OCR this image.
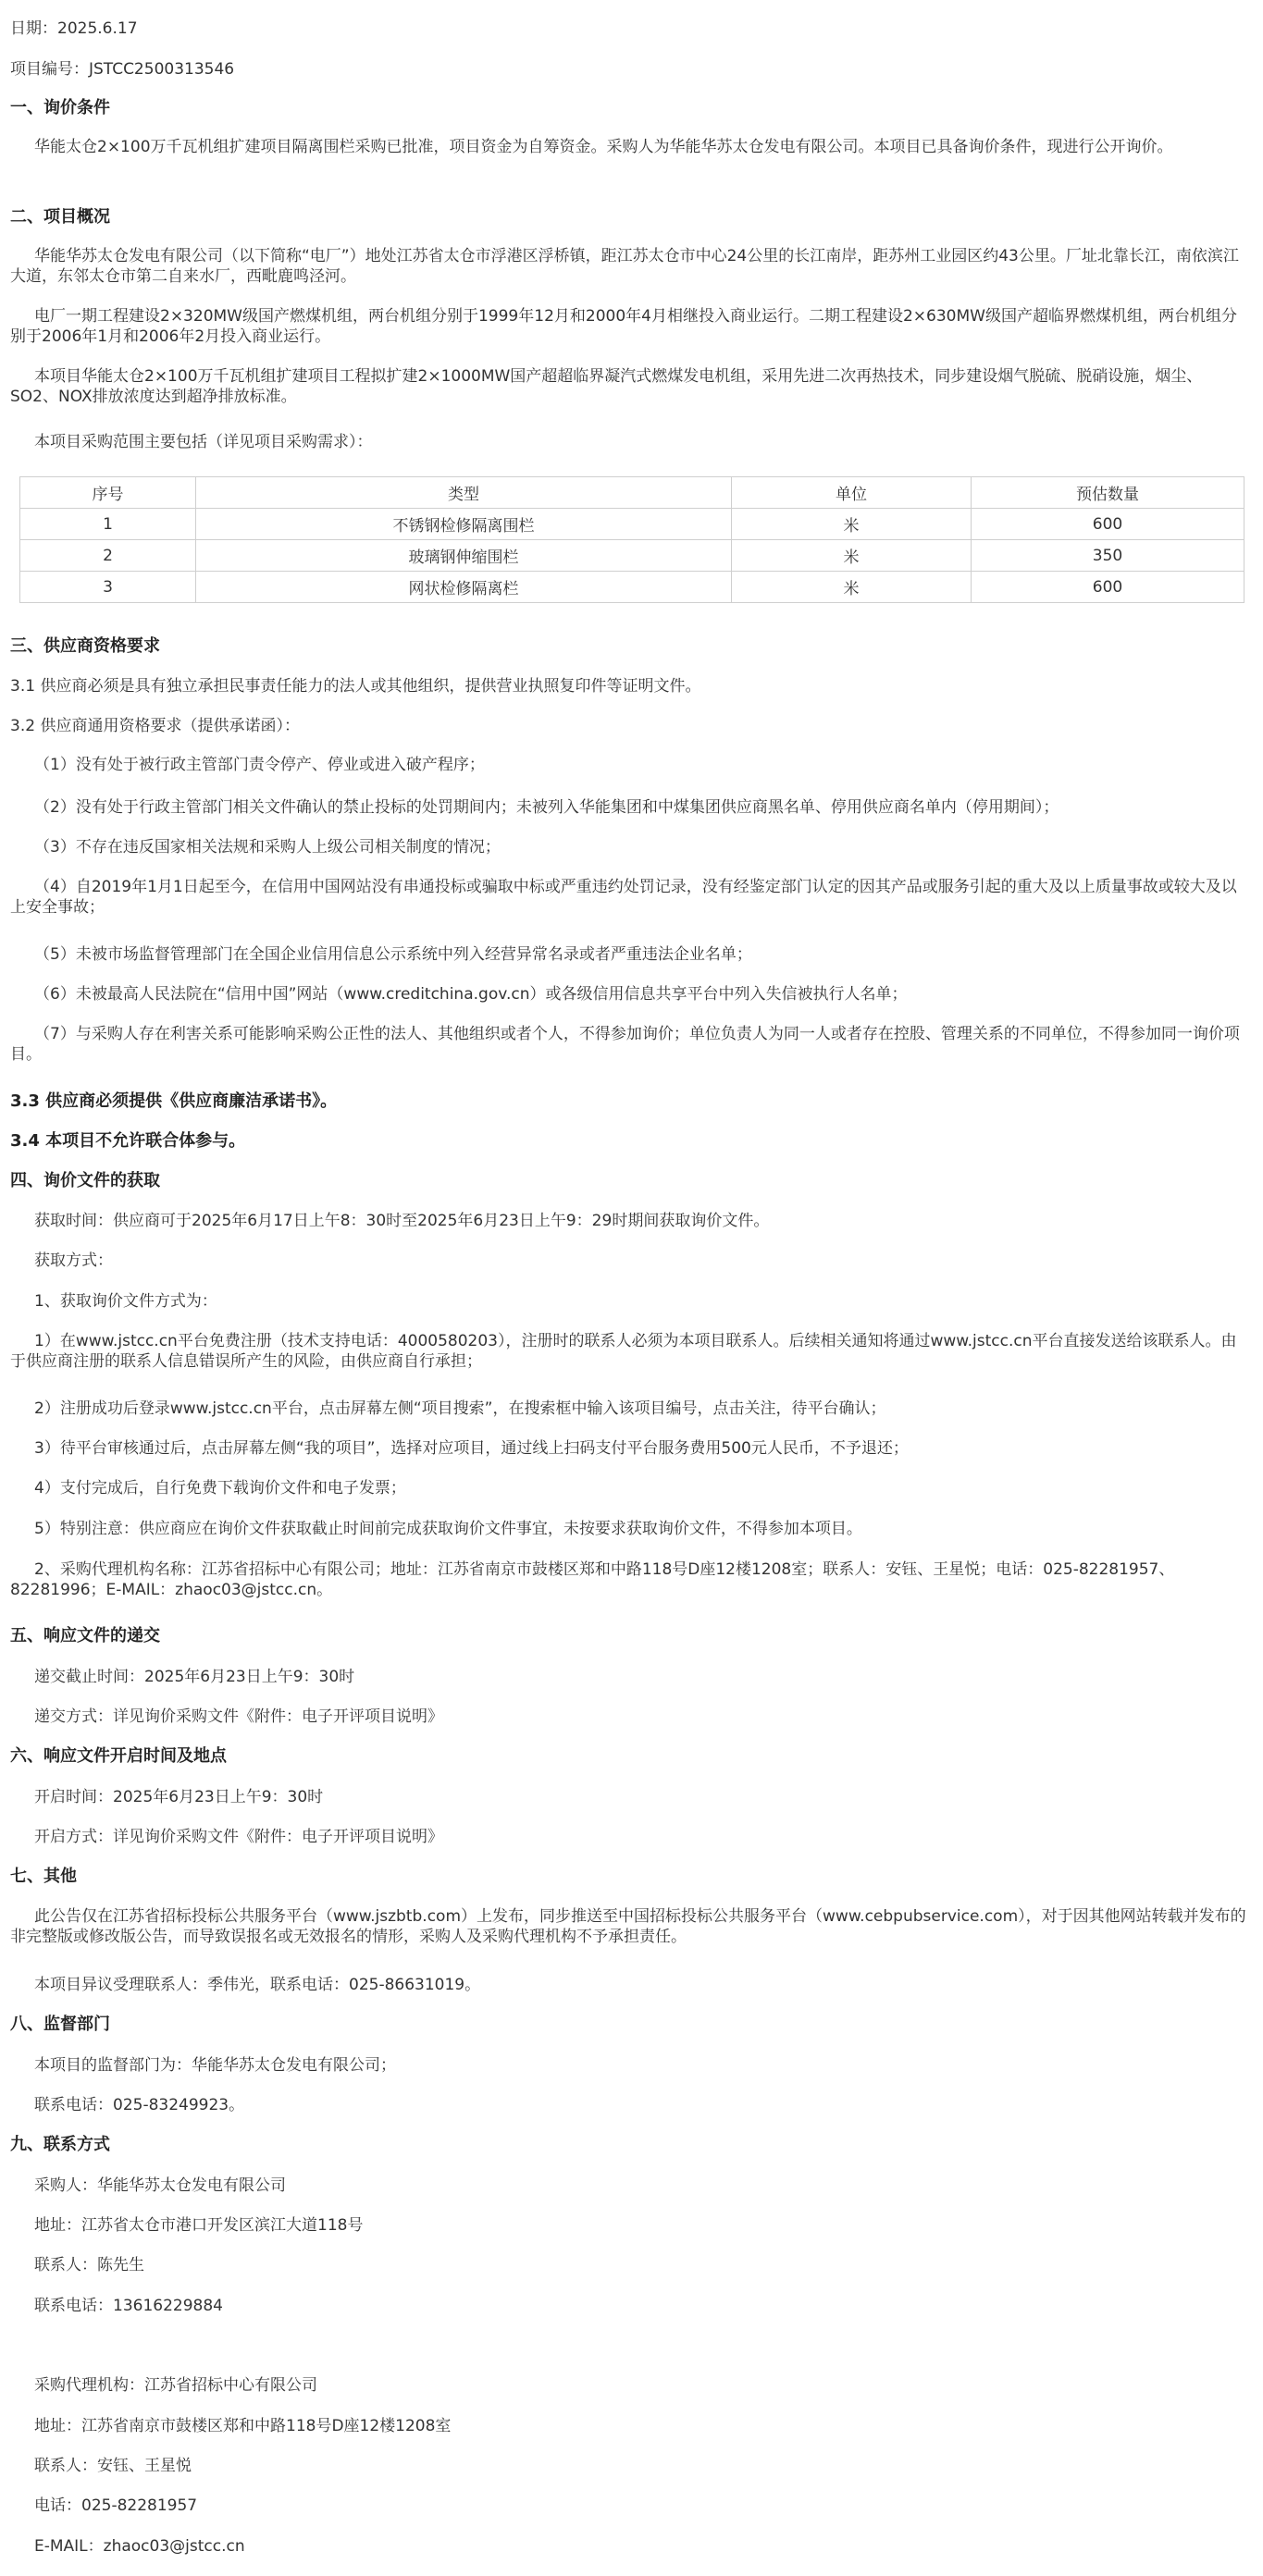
日期：2025.6.17

项目编号：JSTCC2500313546

一、询价条件

华能太仓2×100万千瓦机组扩建项目隔离围栏采购已批准，项目资金为自筹资金。采购人为华能华苏太仓发电有限公司。本项目已具备询价条件，现进行公开询价。

二、项目概况

华能华苏太仓发电有限公司（以下简称“电厂”）地处江苏省太仓市浮港区浮桥镇，距江苏太仓市中心24公里的长江南岸，距苏州工业园区约43公里。厂址北靠长江，南依滨江大道，东邻太仓市第二自来水厂，西毗鹿鸣泾河。

电厂一期工程建设2×320MW级国产燃煤机组，两台机组分别于1999年12月和2000年4月相继投入商业运行。二期工程建设2×630MW级国产超临界燃煤机组，两台机组分别于2006年1月和2006年2月投入商业运行。

本项目华能太仓2×100万千瓦机组扩建项目工程拟扩建2×1000MW国产超超临界凝汽式燃煤发电机组，采用先进二次再热技术，同步建设烟气脱硫、脱硝设施，烟尘、SO2、NOX排放浓度达到超净排放标准。

本项目采购范围主要包括（详见项目采购需求）：

序号	类型	单位	预估数量
1	不锈钢检修隔离围栏	米	600
2	玻璃钢伸缩围栏	米	350
3	网状检修隔离栏	米	600

三、供应商资格要求

3.1 供应商必须是具有独立承担民事责任能力的法人或其他组织，提供营业执照复印件等证明文件。

3.2 供应商通用资格要求（提供承诺函）：

（1）没有处于被行政主管部门责令停产、停业或进入破产程序；

（2）没有处于行政主管部门相关文件确认的禁止投标的处罚期间内；未被列入华能集团和中煤集团供应商黑名单、停用供应商名单内（停用期间）；

（3）不存在违反国家相关法规和采购人上级公司相关制度的情况；

（4）自2019年1月1日起至今，在信用中国网站没有串通投标或骗取中标或严重违约处罚记录，没有经鉴定部门认定的因其产品或服务引起的重大及以上质量事故或较大及以上安全事故；

（5）未被市场监督管理部门在全国企业信用信息公示系统中列入经营异常名录或者严重违法企业名单；

（6）未被最高人民法院在“信用中国”网站（www.creditchina.gov.cn）或各级信用信息共享平台中列入失信被执行人名单；

（7）与采购人存在利害关系可能影响采购公正性的法人、其他组织或者个人，不得参加询价；单位负责人为同一人或者存在控股、管理关系的不同单位，不得参加同一询价项目。

3.3 供应商必须提供《供应商廉洁承诺书》。

3.4 本项目不允许联合体参与。

四、询价文件的获取

获取时间：供应商可于2025年6月17日上午8：30时至2025年6月23日上午9：29时期间获取询价文件。

获取方式：

1、获取询价文件方式为：

1）在www.jstcc.cn平台免费注册（技术支持电话：4000580203），注册时的联系人必须为本项目联系人。后续相关通知将通过www.jstcc.cn平台直接发送给该联系人。由于供应商注册的联系人信息错误所产生的风险，由供应商自行承担；

2）注册成功后登录www.jstcc.cn平台，点击屏幕左侧“项目搜索”，在搜索框中输入该项目编号，点击关注，待平台确认；

3）待平台审核通过后，点击屏幕左侧“我的项目”，选择对应项目，通过线上扫码支付平台服务费用500元人民币，不予退还；

4）支付完成后，自行免费下载询价文件和电子发票；

5）特别注意：供应商应在询价文件获取截止时间前完成获取询价文件事宜，未按要求获取询价文件，不得参加本项目。

2、采购代理机构名称：江苏省招标中心有限公司；地址：江苏省南京市鼓楼区郑和中路118号D座12楼1208室；联系人：安钰、王星悦；电话：025-82281957、82281996；E-MAIL：zhaoc03@jstcc.cn。

五、响应文件的递交

递交截止时间：2025年6月23日上午9：30时

递交方式：详见询价采购文件《附件：电子开评项目说明》

六、响应文件开启时间及地点

开启时间：2025年6月23日上午9：30时

开启方式：详见询价采购文件《附件：电子开评项目说明》

七、其他

此公告仅在江苏省招标投标公共服务平台（www.jszbtb.com）上发布，同步推送至中国招标投标公共服务平台（www.cebpubservice.com），对于因其他网站转载并发布的非完整版或修改版公告，而导致误报名或无效报名的情形，采购人及采购代理机构不予承担责任。

本项目异议受理联系人：季伟光，联系电话：025-86631019。

八、监督部门

本项目的监督部门为：华能华苏太仓发电有限公司；

联系电话：025-83249923。

九、联系方式

采购人：华能华苏太仓发电有限公司

地址：江苏省太仓市港口开发区滨江大道118号

联系人：陈先生

联系电话：13616229884

采购代理机构：江苏省招标中心有限公司

地址：江苏省南京市鼓楼区郑和中路118号D座12楼1208室

联系人：安钰、王星悦

电话：025-82281957

E-MAIL：zhaoc03@jstcc.cn
